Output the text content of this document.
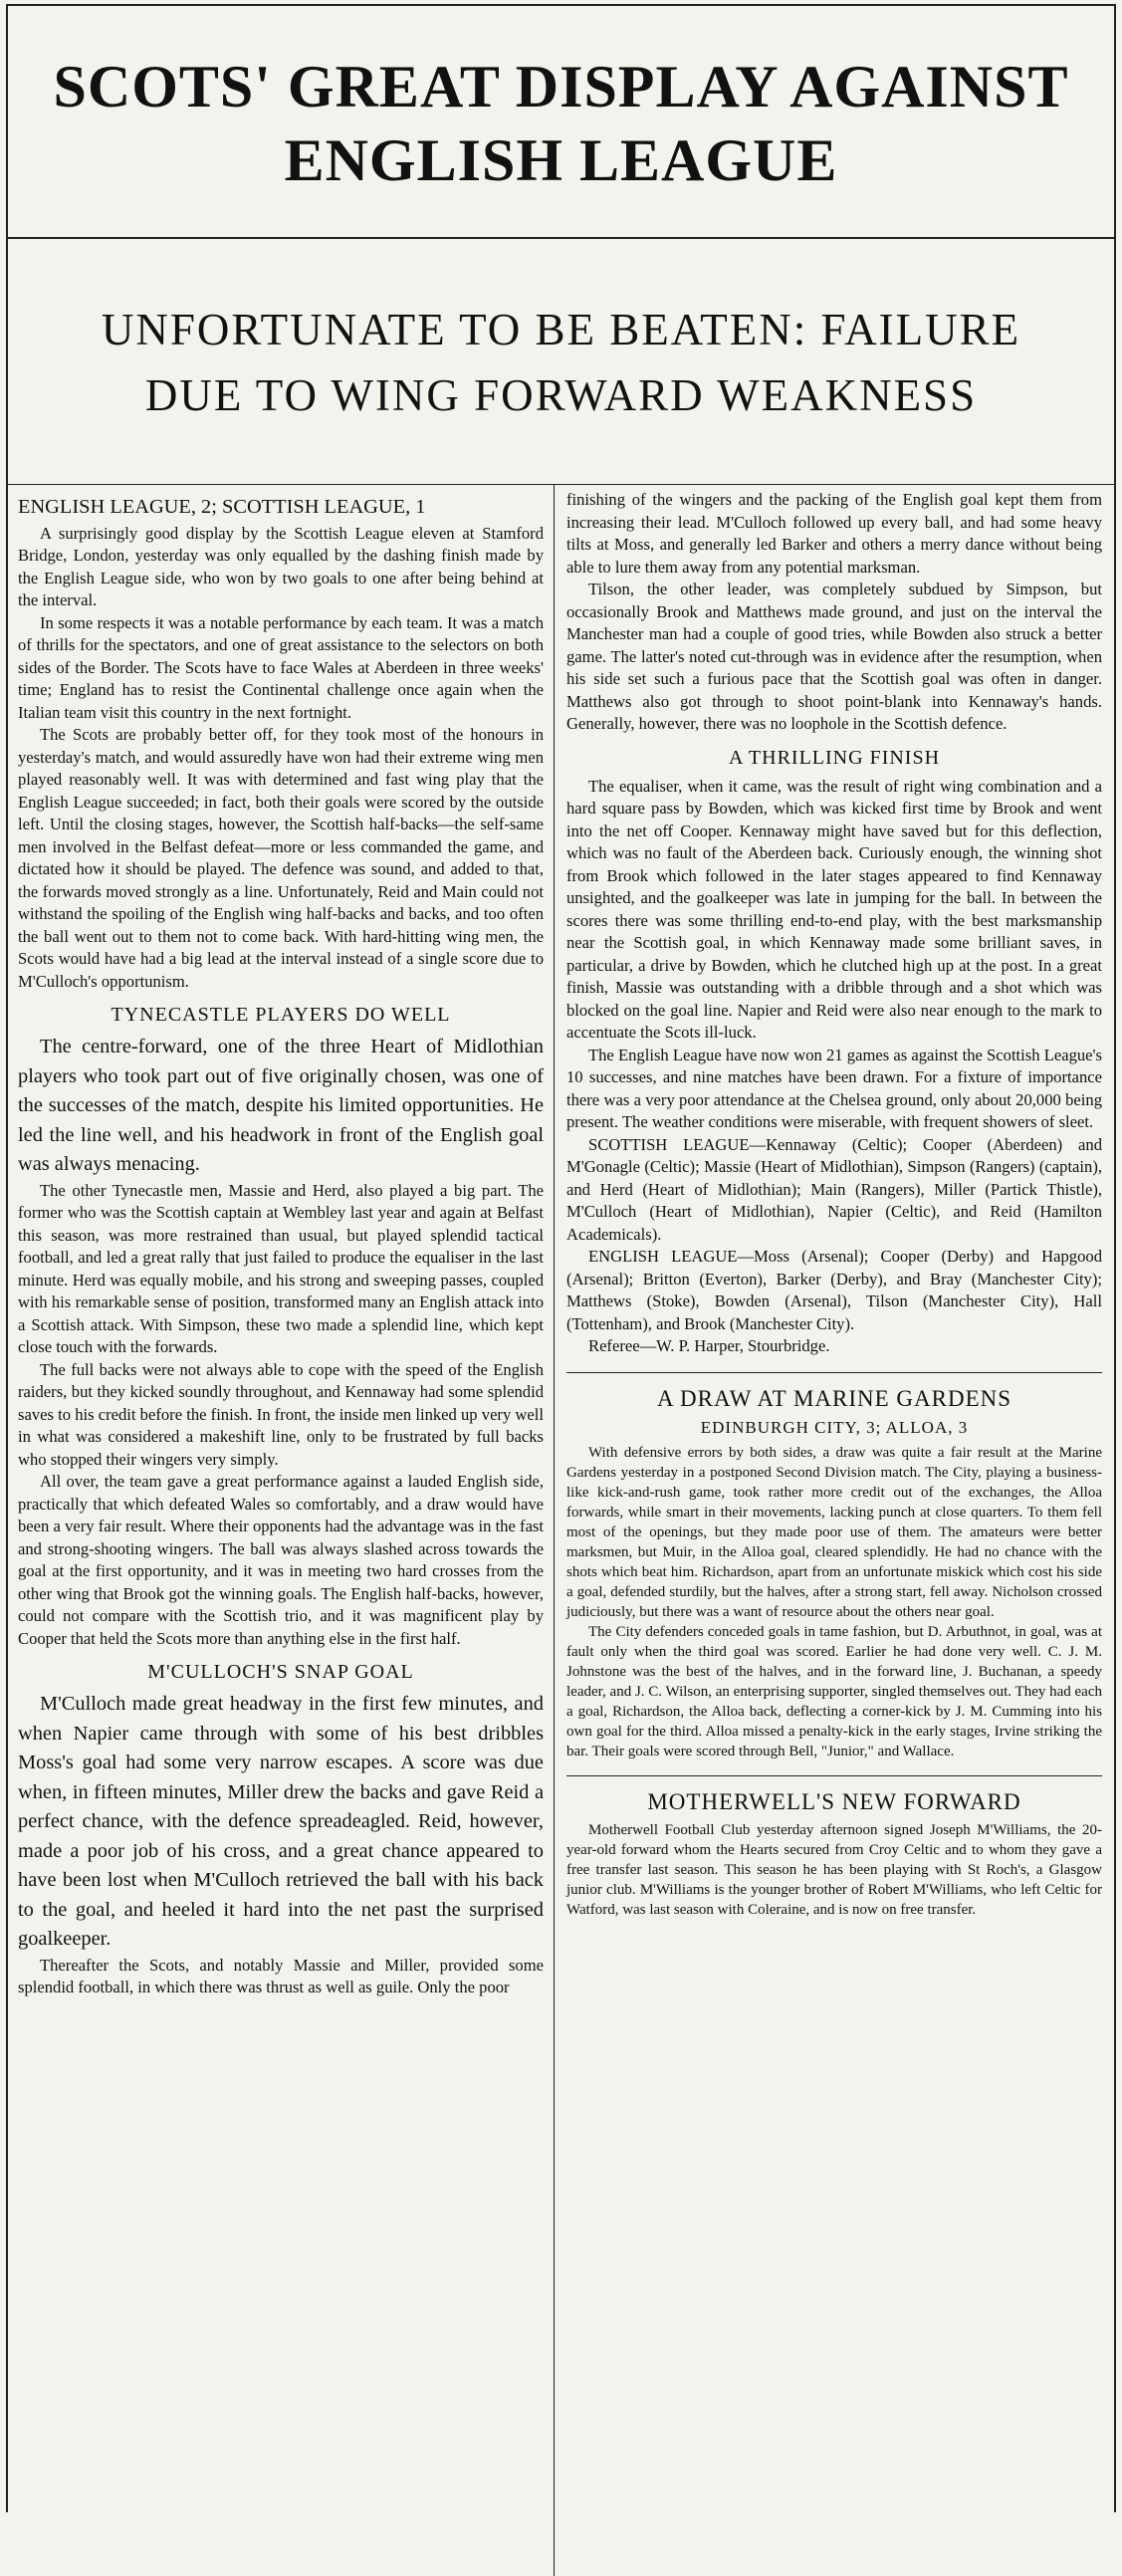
SCOTS' GREAT DISPLAY AGAINST
ENGLISH LEAGUE
UNFORTUNATE TO BE BEATEN: FAILURE
DUE TO WING FORWARD WEAKNESS

ENGLISH LEAGUE, 2; SCOTTISH LEAGUE, 1

A surprisingly good display by the Scottish League eleven at Stamford Bridge, London, yesterday was only equalled by the dashing finish made by the English League side, who won by two goals to one after being behind at the interval.

In some respects it was a notable performance by each team. It was a match of thrills for the spectators, and one of great assistance to the selectors on both sides of the Border. The Scots have to face Wales at Aberdeen in three weeks' time; England has to resist the Continental challenge once again when the Italian team visit this country in the next fortnight.

The Scots are probably better off, for they took most of the honours in yesterday's match, and would assuredly have won had their extreme wing men played reasonably well. It was with determined and fast wing play that the English League succeeded; in fact, both their goals were scored by the outside left. Until the closing stages, however, the Scottish half-backs—the self-same men involved in the Belfast defeat—more or less commanded the game, and dictated how it should be played. The defence was sound, and added to that, the forwards moved strongly as a line. Unfortunately, Reid and Main could not withstand the spoiling of the English wing half-backs and backs, and too often the ball went out to them not to come back. With hard-hitting wing men, the Scots would have had a big lead at the interval instead of a single score due to M'Culloch's opportunism.

TYNECASTLE PLAYERS DO WELL

The centre-forward, one of the three Heart of Midlothian players who took part out of five originally chosen, was one of the successes of the match, despite his limited opportunities. He led the line well, and his headwork in front of the English goal was always menacing.

The other Tynecastle men, Massie and Herd, also played a big part. The former who was the Scottish captain at Wembley last year and again at Belfast this season, was more restrained than usual, but played splendid tactical football, and led a great rally that just failed to produce the equaliser in the last minute. Herd was equally mobile, and his strong and sweeping passes, coupled with his remarkable sense of position, transformed many an English attack into a Scottish attack. With Simpson, these two made a splendid line, which kept close touch with the forwards.

The full backs were not always able to cope with the speed of the English raiders, but they kicked soundly throughout, and Kennaway had some splendid saves to his credit before the finish. In front, the inside men linked up very well in what was considered a makeshift line, only to be frustrated by full backs who stopped their wingers very simply.

All over, the team gave a great performance against a lauded English side, practically that which defeated Wales so comfortably, and a draw would have been a very fair result. Where their opponents had the advantage was in the fast and strong-shooting wingers. The ball was always slashed across towards the goal at the first opportunity, and it was in meeting two hard crosses from the other wing that Brook got the winning goals. The English half-backs, however, could not compare with the Scottish trio, and it was magnificent play by Cooper that held the Scots more than anything else in the first half.

M'CULLOCH'S SNAP GOAL

M'Culloch made great headway in the first few minutes, and when Napier came through with some of his best dribbles Moss's goal had some very narrow escapes. A score was due when, in fifteen minutes, Miller drew the backs and gave Reid a perfect chance, with the defence spreadeagled. Reid, however, made a poor job of his cross, and a great chance appeared to have been lost when M'Culloch retrieved the ball with his back to the goal, and heeled it hard into the net past the surprised goalkeeper.

Thereafter the Scots, and notably Massie and Miller, provided some splendid football, in which there was thrust as well as guile. Only the poor

finishing of the wingers and the packing of the English goal kept them from increasing their lead. M'Culloch followed up every ball, and had some heavy tilts at Moss, and generally led Barker and others a merry dance without being able to lure them away from any potential marksman.

Tilson, the other leader, was completely subdued by Simpson, but occasionally Brook and Matthews made ground, and just on the interval the Manchester man had a couple of good tries, while Bowden also struck a better game. The latter's noted cut-through was in evidence after the resumption, when his side set such a furious pace that the Scottish goal was often in danger. Matthews also got through to shoot point-blank into Kennaway's hands. Generally, however, there was no loophole in the Scottish defence.

A THRILLING FINISH

The equaliser, when it came, was the result of right wing combination and a hard square pass by Bowden, which was kicked first time by Brook and went into the net off Cooper. Kennaway might have saved but for this deflection, which was no fault of the Aberdeen back. Curiously enough, the winning shot from Brook which followed in the later stages appeared to find Kennaway unsighted, and the goalkeeper was late in jumping for the ball. In between the scores there was some thrilling end-to-end play, with the best marksmanship near the Scottish goal, in which Kennaway made some brilliant saves, in particular, a drive by Bowden, which he clutched high up at the post. In a great finish, Massie was outstanding with a dribble through and a shot which was blocked on the goal line. Napier and Reid were also near enough to the mark to accentuate the Scots ill-luck.

The English League have now won 21 games as against the Scottish League's 10 successes, and nine matches have been drawn. For a fixture of importance there was a very poor attendance at the Chelsea ground, only about 20,000 being present. The weather conditions were miserable, with frequent showers of sleet.

SCOTTISH LEAGUE—Kennaway (Celtic); Cooper (Aberdeen) and M'Gonagle (Celtic); Massie (Heart of Midlothian), Simpson (Rangers) (captain), and Herd (Heart of Midlothian); Main (Rangers), Miller (Partick Thistle), M'Culloch (Heart of Midlothian), Napier (Celtic), and Reid (Hamilton Academicals).

ENGLISH LEAGUE—Moss (Arsenal); Cooper (Derby) and Hapgood (Arsenal); Britton (Everton), Barker (Derby), and Bray (Manchester City); Matthews (Stoke), Bowden (Arsenal), Tilson (Manchester City), Hall (Tottenham), and Brook (Manchester City).

Referee—W. P. Harper, Stourbridge.

A DRAW AT MARINE GARDENS
EDINBURGH CITY, 3; ALLOA, 3

With defensive errors by both sides, a draw was quite a fair result at the Marine Gardens yesterday in a postponed Second Division match. The City, playing a business-like kick-and-rush game, took rather more credit out of the exchanges, the Alloa forwards, while smart in their movements, lacking punch at close quarters. To them fell most of the openings, but they made poor use of them. The amateurs were better marksmen, but Muir, in the Alloa goal, cleared splendidly. He had no chance with the shots which beat him. Richardson, apart from an unfortunate miskick which cost his side a goal, defended sturdily, but the halves, after a strong start, fell away. Nicholson crossed judiciously, but there was a want of resource about the others near goal.

The City defenders conceded goals in tame fashion, but D. Arbuthnot, in goal, was at fault only when the third goal was scored. Earlier he had done very well. C. J. M. Johnstone was the best of the halves, and in the forward line, J. Buchanan, a speedy leader, and J. C. Wilson, an enterprising supporter, singled themselves out. They had each a goal, Richardson, the Alloa back, deflecting a corner-kick by J. M. Cumming into his own goal for the third. Alloa missed a penalty-kick in the early stages, Irvine striking the bar. Their goals were scored through Bell, "Junior," and Wallace.

MOTHERWELL'S NEW FORWARD

Motherwell Football Club yesterday afternoon signed Joseph M'Williams, the 20-year-old forward whom the Hearts secured from Croy Celtic and to whom they gave a free transfer last season. This season he has been playing with St Roch's, a Glasgow junior club. M'Williams is the younger brother of Robert M'Williams, who left Celtic for Watford, was last season with Coleraine, and is now on free transfer.
